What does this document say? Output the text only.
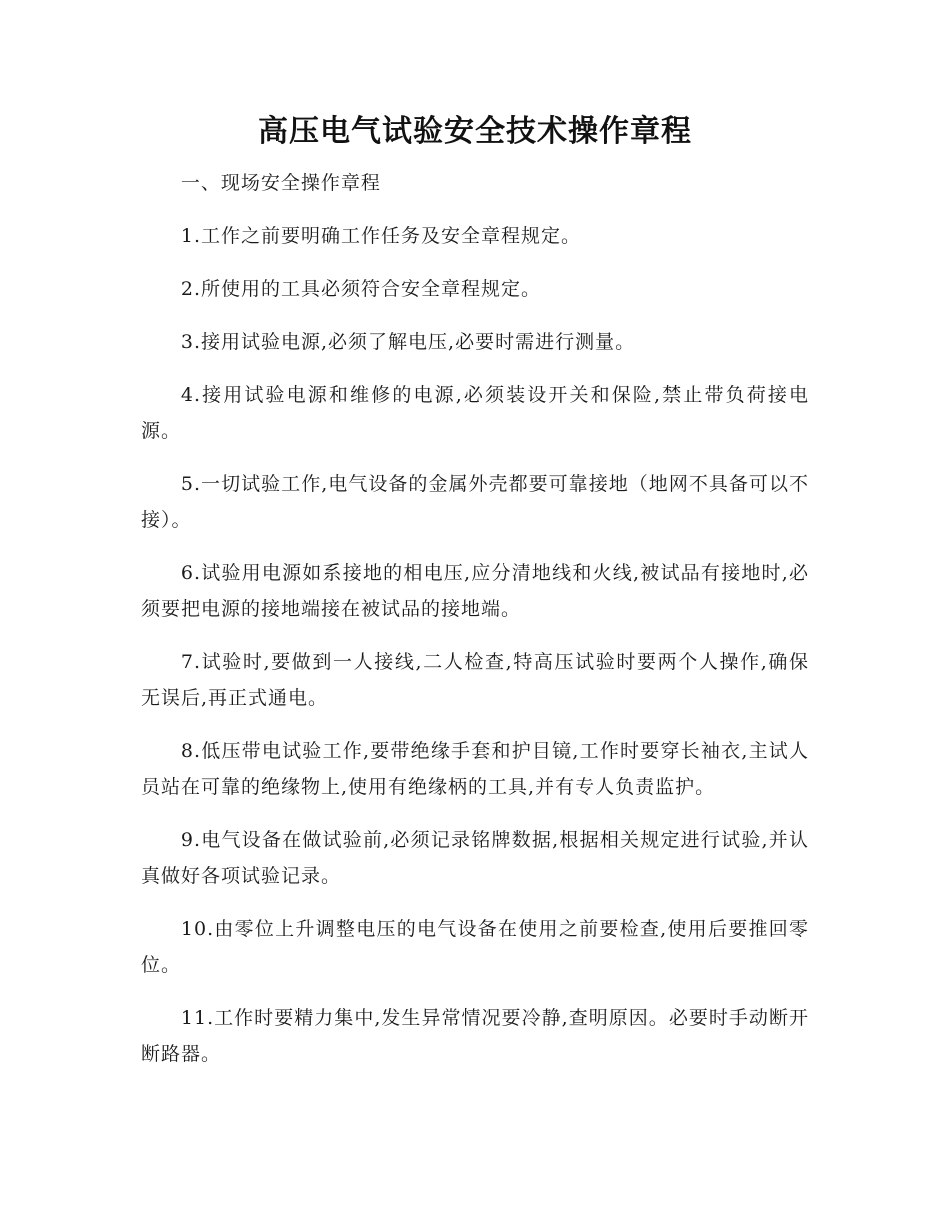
高压电气试验安全技术操作章程

一、现场安全操作章程

1.工作之前要明确工作任务及安全章程规定。

2.所使用的工具必须符合安全章程规定。

3.接用试验电源,必须了解电压,必要时需进行测量。

4.接用试验电源和维修的电源,必须装设开关和保险,禁止带负荷接电源。

5.一切试验工作,电气设备的金属外壳都要可靠接地（地网不具备可以不接）。

6.试验用电源如系接地的相电压,应分清地线和火线,被试品有接地时,必须要把电源的接地端接在被试品的接地端。

7.试验时,要做到一人接线,二人检查,特高压试验时要两个人操作,确保无误后,再正式通电。

8.低压带电试验工作,要带绝缘手套和护目镜,工作时要穿长袖衣,主试人员站在可靠的绝缘物上,使用有绝缘柄的工具,并有专人负责监护。

9.电气设备在做试验前,必须记录铭牌数据,根据相关规定进行试验,并认真做好各项试验记录。

10.由零位上升调整电压的电气设备在使用之前要检查,使用后要推回零位。

11.工作时要精力集中,发生异常情况要冷静,查明原因。必要时手动断开断路器。
